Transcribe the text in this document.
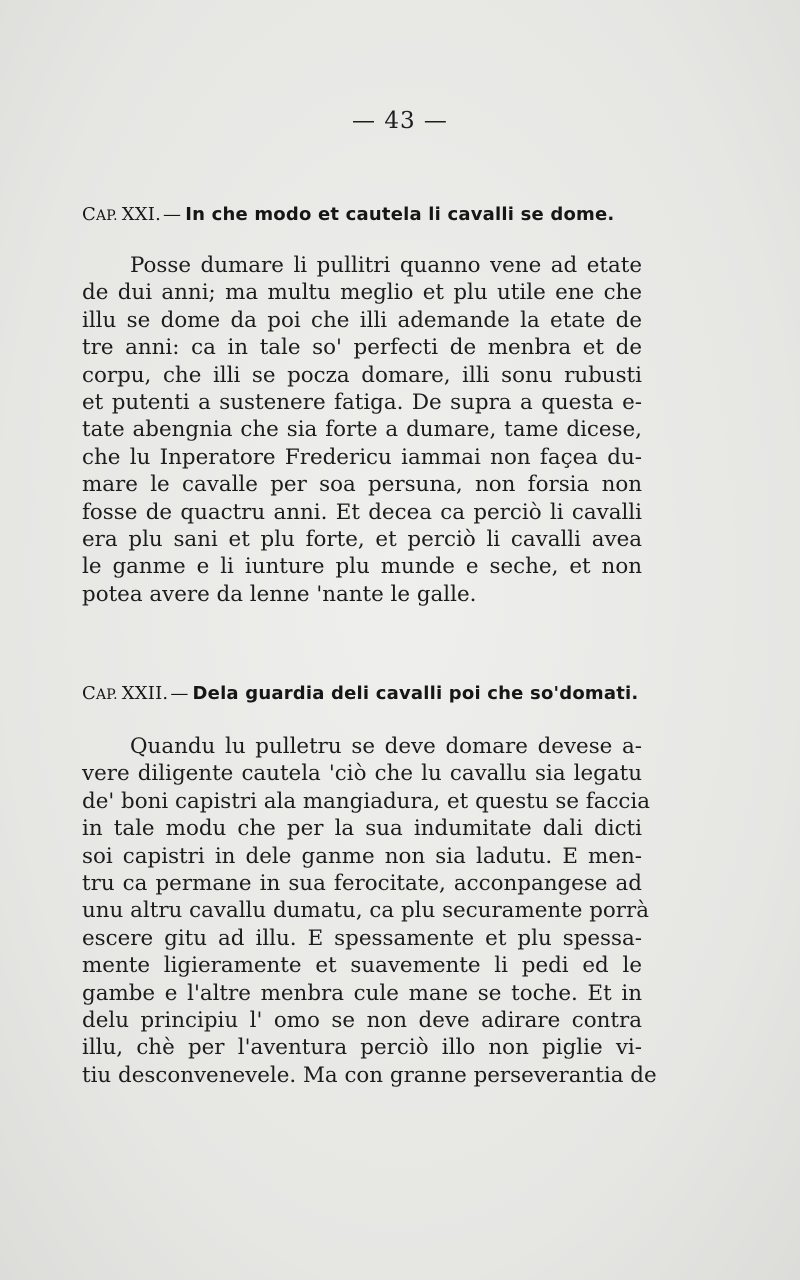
— 43 —
CAP. XXI. — In che modo et cautela li cavalli se dome.

Posse dumare li pullitri quanno vene ad etate
de dui anni; ma multu meglio et plu utile ene che
illu se dome da poi che illi ademande la etate de
tre anni: ca in tale so' perfecti de menbra et de
corpu, che illi se pocza domare, illi sonu rubusti
et putenti a sustenere fatiga. De supra a questa e-
tate abengnia che sia forte a dumare, tame dicese,
che lu Inperatore Fredericu iammai non façea du-
mare le cavalle per soa persuna, non forsia non
fosse de quactru anni. Et decea ca perciò li cavalli
era plu sani et plu forte, et perciò li cavalli avea
le ganme e li iunture plu munde e seche, et non
potea avere da lenne 'nante le galle.

CAP. XXII. — Dela guardia deli cavalli poi che so'domati.

Quandu lu pulletru se deve domare devese a-
vere diligente cautela 'ciò che lu cavallu sia legatu
de' boni capistri ala mangiadura, et questu se faccia
in tale modu che per la sua indumitate dali dicti
soi capistri in dele ganme non sia ladutu. E men-
tru ca permane in sua ferocitate, acconpangese ad
unu altru cavallu dumatu, ca plu securamente porrà
escere gitu ad illu. E spessamente et plu spessa-
mente ligieramente et suavemente li pedi ed le
gambe e l'altre menbra cule mane se toche. Et in
delu principiu l' omo se non deve adirare contra
illu, chè per l'aventura perciò illo non piglie vi-
tiu desconvenevele. Ma con granne perseverantia de
